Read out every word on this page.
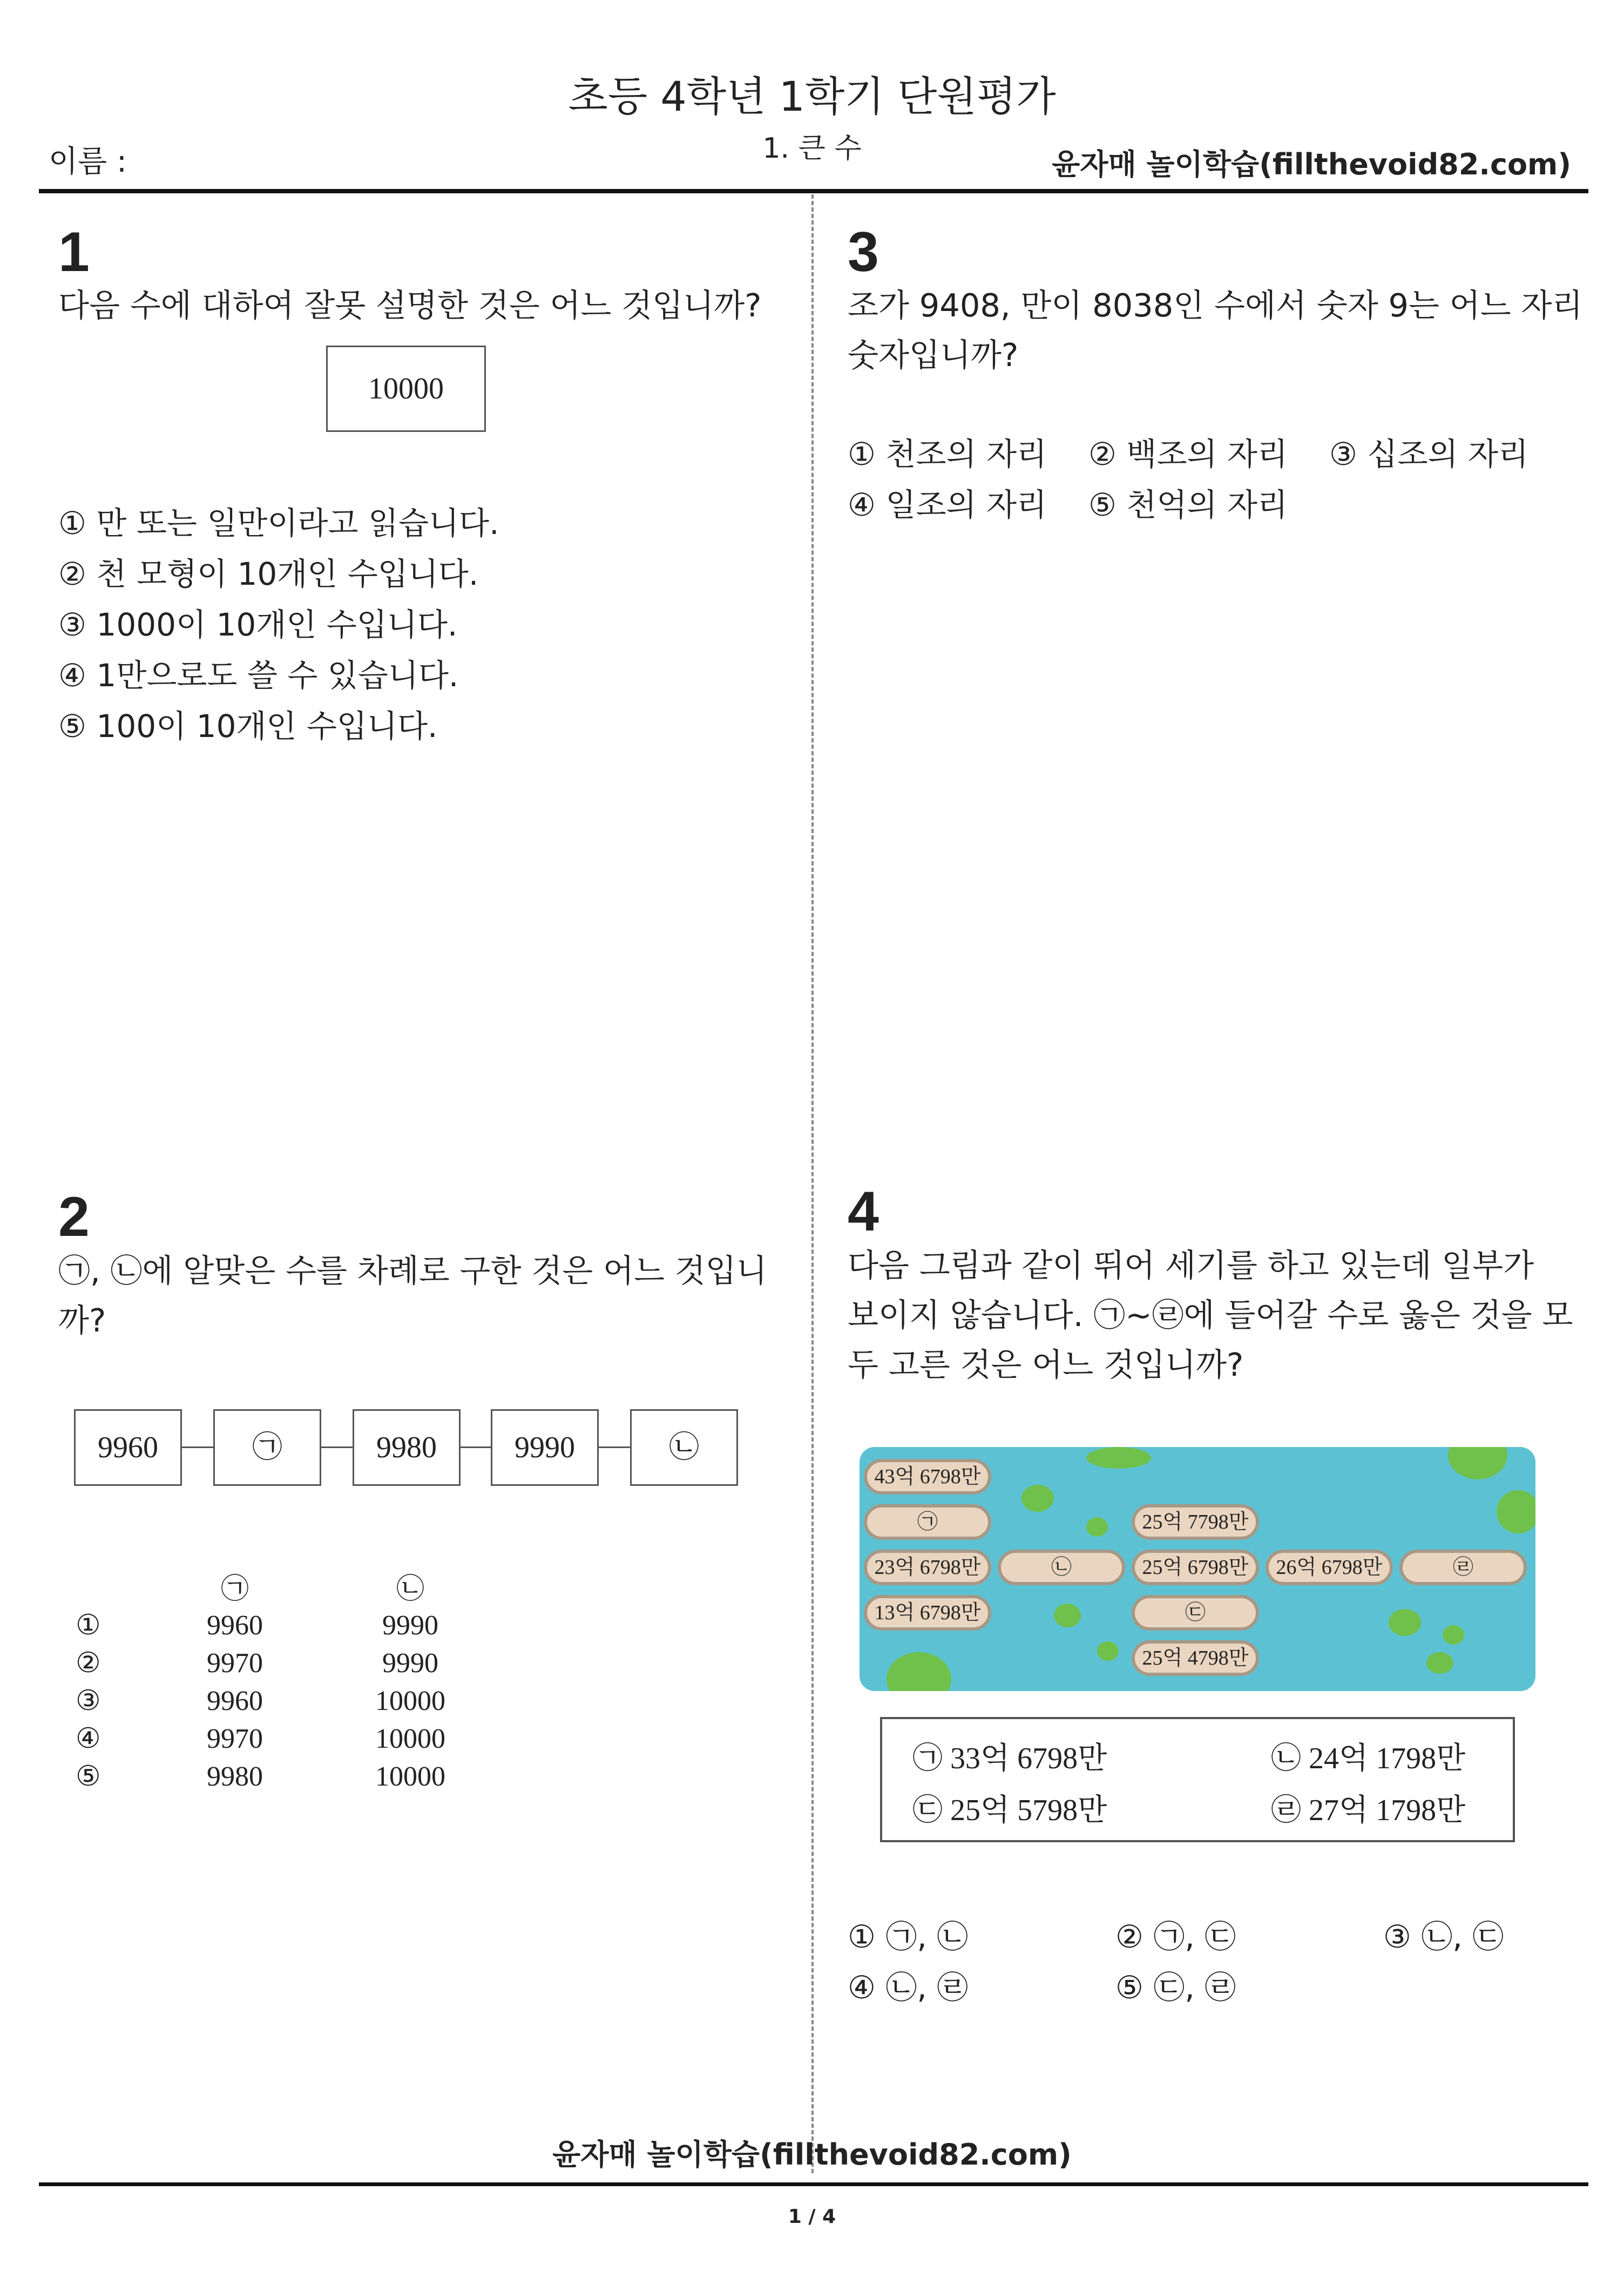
초등 4학년 1학기 단원평가
1. 큰 수
이름 :	윤자매 놀이학습(fillthevoid82.com)
1
다음 수에 대하여 잘못 설명한 것은 어느 것입니까?
10000
① 만 또는 일만이라고 읽습니다.
② 천 모형이 10개인 수입니다.
③ 1000이 10개인 수입니다.
④ 1만으로도 쓸 수 있습니다.
⑤ 100이 10개인 수입니다.
2
㉠, ㉡에 알맞은 수를 차례로 구한 것은 어느 것입니
까?
9960	㉠	9980	9990	㉡
	㉠	㉡
①	9960	9990
②	9970	9990
③	9960	10000
④	9970	10000
⑤	9980	10000
3
조가 9408, 만이 8038인 수에서 숫자 9는 어느 자리
숫자입니까?
① 천조의 자리 ② 백조의 자리 ③ 십조의 자리
④ 일조의 자리 ⑤ 천억의 자리
4
다음 그림과 같이 뛰어 세기를 하고 있는데 일부가
보이지 않습니다. ㉠~㉣에 들어갈 수로 옳은 것을 모
두 고른 것은 어느 것입니까?
43억 6798만
㉠	25억 7798만
23억 6798만	㉡	25억 6798만	26억 6798만	㉣
13억 6798만	㉢
25억 4798만
㉠ 33억 6798만	㉡ 24억 1798만
㉢ 25억 5798만	㉣ 27억 1798만
① ㉠, ㉡	② ㉠, ㉢	③ ㉡, ㉢
④ ㉡, ㉣	⑤ ㉢, ㉣
윤자매 놀이학습(fillthevoid82.com)
1 / 4
